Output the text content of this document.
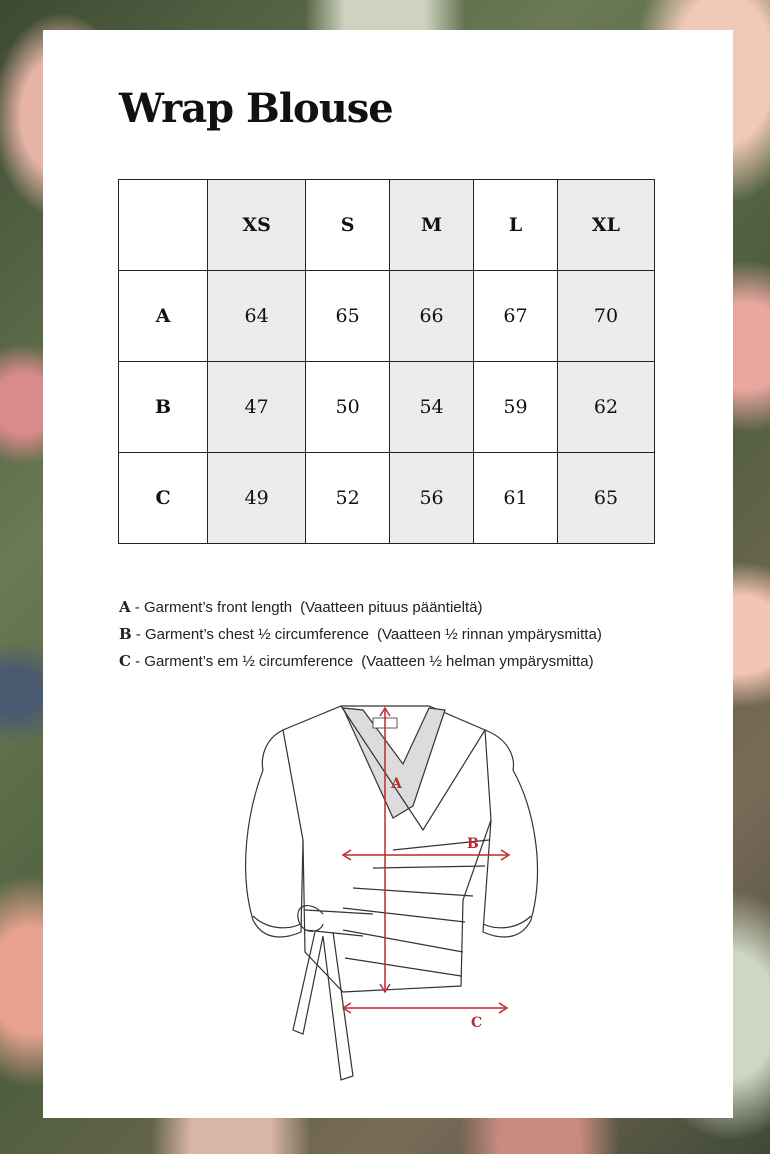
Wrap Blouse
	XS	S	M	L	XL
A	64	65	66	67	70
B	47	50	54	59	62
C	49	52	56	61	65
A - Garment’s front length (Vaatteen pituus pääntieltä)
B - Garment’s chest ½ circumference (Vaatteen ½ rinnan ympärysmitta)
C - Garment’s em ½ circumference (Vaatteen ½ helman ympärysmitta)
A
B
C
